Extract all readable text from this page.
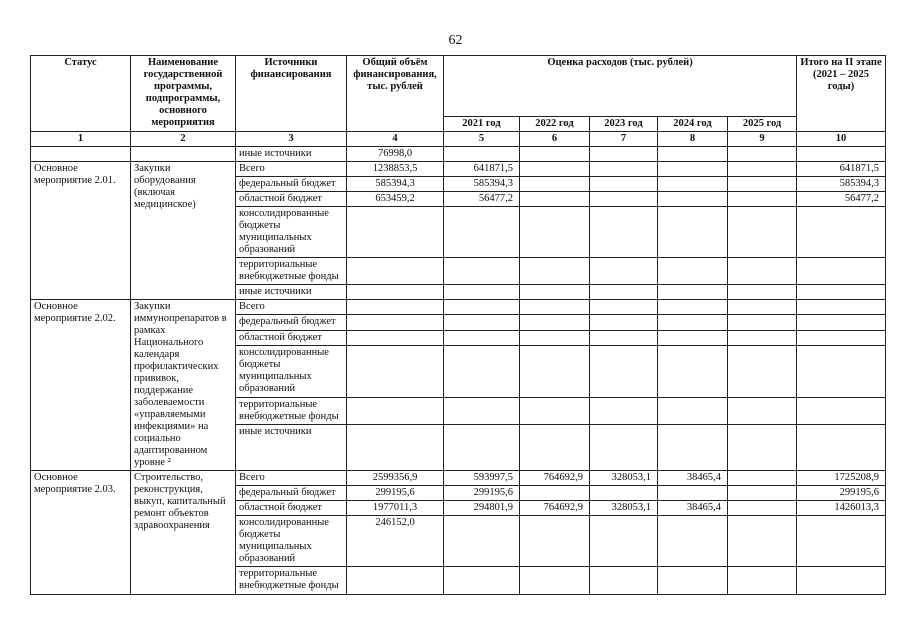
62
Статус	Наименование государственной программы, подпрограммы, основного мероприятия	Источники финансирования	Общий объём финансирования, тыс. рублей	Оценка расходов (тыс. рублей)					Итого на II этапе (2021 – 2025 годы)
				2021 год	2022 год	2023 год	2024 год	2025 год	
1	2	3	4	5	6	7	8	9	10
		иные источники	76998,0						
Основное мероприятие 2.01.	Закупки оборудования (включая медицинское)	Всего	1238853,5	641871,5					641871,5
		федеральный бюджет	585394,3	585394,3					585394,3
		областной бюджет	653459,2	56477,2					56477,2
		консолидированные бюджеты муниципальных образований							
		территориальные внебюджетные фонды							
		иные источники							
Основное мероприятие 2.02.	Закупки иммунопрепаратов в рамках Национального календаря профилактических прививок, поддержание заболеваемости «управляемыми инфекциями» на социально адаптированном уровне ²	Всего							
		федеральный бюджет							
		областной бюджет							
		консолидированные бюджеты муниципальных образований							
		территориальные внебюджетные фонды							
		иные источники							
Основное мероприятие 2.03.	Строительство, реконструкция, выкуп, капитальный ремонт объектов здравоохранения	Всего	2599356,9	593997,5	764692,9	328053,1	38465,4		1725208,9
		федеральный бюджет	299195,6	299195,6					299195,6
		областной бюджет	1977011,3	294801,9	764692,9	328053,1	38465,4		1426013,3
		консолидированные бюджеты муниципальных образований	246152,0						
		территориальные внебюджетные фонды							
